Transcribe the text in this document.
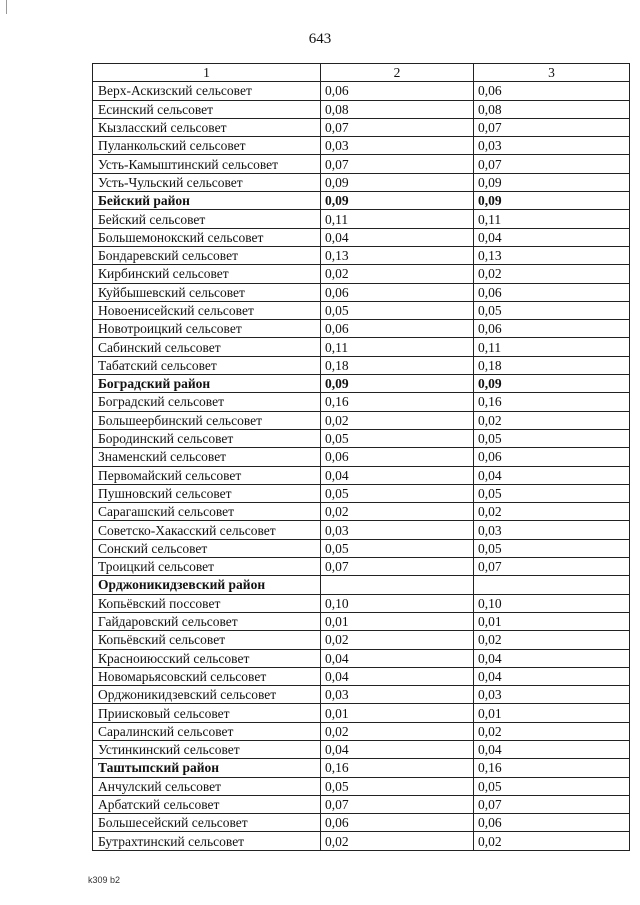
643
1	2	3
Верх-Аскизский сельсовет	0,06	0,06
Есинский сельсовет	0,08	0,08
Кызласский сельсовет	0,07	0,07
Пуланкольский сельсовет	0,03	0,03
Усть-Камыштинский сельсовет	0,07	0,07
Усть-Чульский сельсовет	0,09	0,09
Бейский район	0,09	0,09
Бейский сельсовет	0,11	0,11
Большемонокский сельсовет	0,04	0,04
Бондаревский сельсовет	0,13	0,13
Кирбинский сельсовет	0,02	0,02
Куйбышевский сельсовет	0,06	0,06
Новоенисейский сельсовет	0,05	0,05
Новотроицкий сельсовет	0,06	0,06
Сабинский сельсовет	0,11	0,11
Табатский сельсовет	0,18	0,18
Боградский район	0,09	0,09
Боградский сельсовет	0,16	0,16
Большеербинский сельсовет	0,02	0,02
Бородинский сельсовет	0,05	0,05
Знаменский сельсовет	0,06	0,06
Первомайский сельсовет	0,04	0,04
Пушновский сельсовет	0,05	0,05
Сарагашский сельсовет	0,02	0,02
Советско-Хакасский сельсовет	0,03	0,03
Сонский сельсовет	0,05	0,05
Троицкий сельсовет	0,07	0,07
Орджоникидзевский район		
Копьёвский поссовет	0,10	0,10
Гайдаровский сельсовет	0,01	0,01
Копьёвский сельсовет	0,02	0,02
Красноиюсский сельсовет	0,04	0,04
Новомарьясовский сельсовет	0,04	0,04
Орджоникидзевский сельсовет	0,03	0,03
Приисковый сельсовет	0,01	0,01
Саралинский сельсовет	0,02	0,02
Устинкинский сельсовет	0,04	0,04
Таштыпский район	0,16	0,16
Анчулский сельсовет	0,05	0,05
Арбатский сельсовет	0,07	0,07
Большесейский сельсовет	0,06	0,06
Бутрахтинский сельсовет	0,02	0,02
k309 b2
